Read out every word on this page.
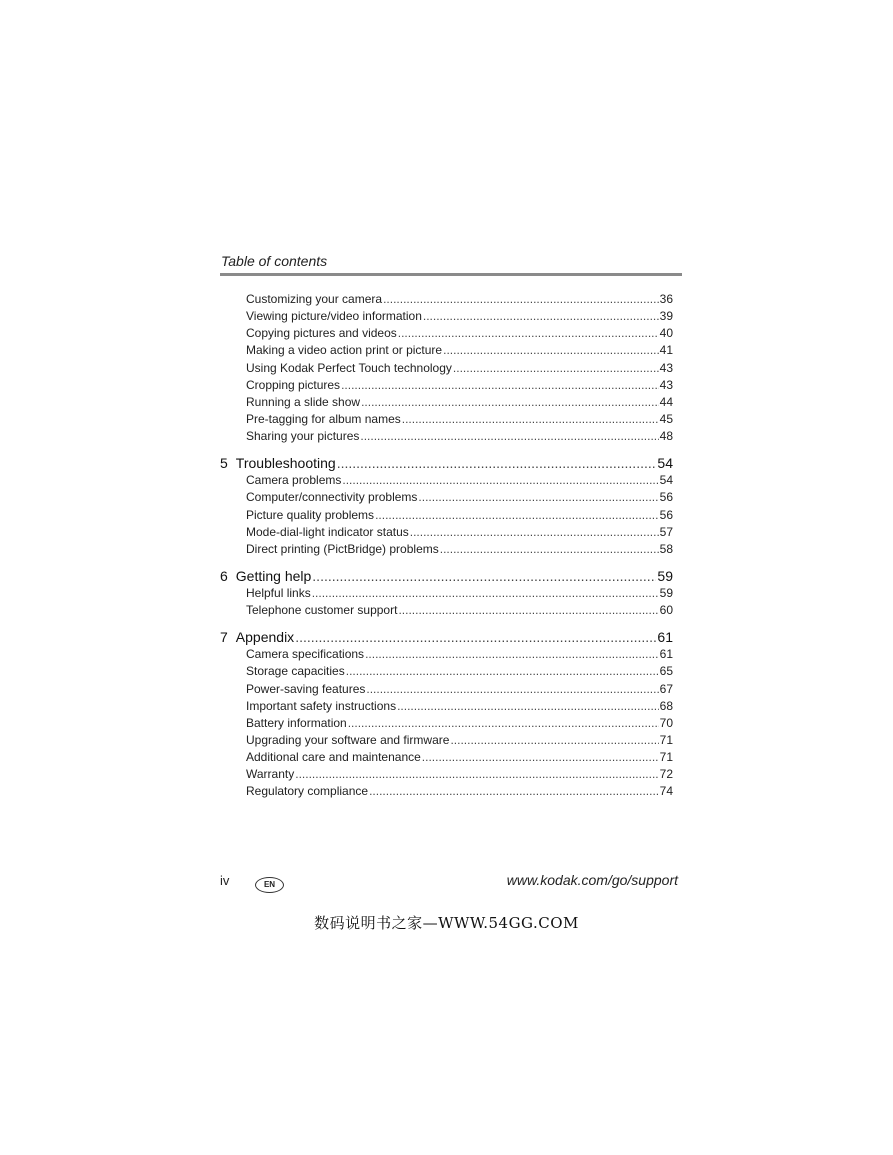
Table of contents
Customizing your camera .....	36
Viewing picture/video information .....	39
Copying pictures and videos .....	40
Making a video action print or picture .....	41
Using Kodak Perfect Touch technology .....	43
Cropping pictures .....	43
Running a slide show .....	44
Pre-tagging for album names .....	45
Sharing your pictures .....	48
5 Troubleshooting .....	54
Camera problems .....	54
Computer/connectivity problems .....	56
Picture quality problems .....	56
Mode-dial-light indicator status .....	57
Direct printing (PictBridge) problems .....	58
6 Getting help .....	59
Helpful links .....	59
Telephone customer support .....	60
7 Appendix .....	61
Camera specifications .....	61
Storage capacities .....	65
Power-saving features .....	67
Important safety instructions .....	68
Battery information .....	70
Upgrading your software and firmware .....	71
Additional care and maintenance .....	71
Warranty .....	72
Regulatory compliance .....	74
iv	EN	www.kodak.com/go/support
数码说明书之家—WWW.54GG.COM
